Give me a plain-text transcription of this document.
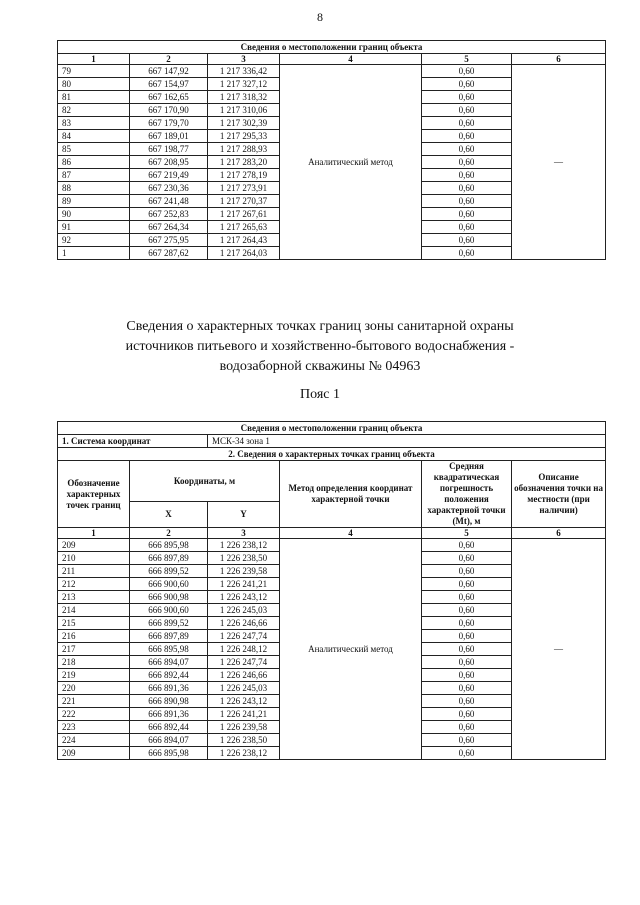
8
Сведения о местоположении границ объекта					
1	2	3	4	5	6
79	667 147,92	1 217 336,42	Аналитический метод	0,60	—
80	667 154,97	1 217 327,12		0,60	
81	667 162,65	1 217 318,32		0,60	
82	667 170,90	1 217 310,06		0,60	
83	667 179,70	1 217 302,39		0,60	
84	667 189,01	1 217 295,33		0,60	
85	667 198,77	1 217 288,93		0,60	
86	667 208,95	1 217 283,20		0,60	
87	667 219,49	1 217 278,19		0,60	
88	667 230,36	1 217 273,91		0,60	
89	667 241,48	1 217 270,37		0,60	
90	667 252,83	1 217 267,61		0,60	
91	667 264,34	1 217 265,63		0,60	
92	667 275,95	1 217 264,43		0,60	
1	667 287,62	1 217 264,03		0,60	
Сведения о характерных точках границ зоны санитарной охраны
источников питьевого и хозяйственно-бытового водоснабжения -
водозаборной скважины № 04963
Пояс 1
Сведения о местоположении границ объекта					
1. Система координат		МСК-34 зона 1			
2. Сведения о характерных точках границ объекта					
Обозначение характерных точек границ	Координаты, м		Метод определения координат характерной точки	Средняя квадратическая погрешность положения характерной точки (Mt), м	Описание обозначения точки на местности (при наличии)
	X	Y			
1	2	3	4	5	6
209	666 895,98	1 226 238,12	Аналитический метод	0,60	—
210	666 897,89	1 226 238,50		0,60	
211	666 899,52	1 226 239,58		0,60	
212	666 900,60	1 226 241,21		0,60	
213	666 900,98	1 226 243,12		0,60	
214	666 900,60	1 226 245,03		0,60	
215	666 899,52	1 226 246,66		0,60	
216	666 897,89	1 226 247,74		0,60	
217	666 895,98	1 226 248,12		0,60	
218	666 894,07	1 226 247,74		0,60	
219	666 892,44	1 226 246,66		0,60	
220	666 891,36	1 226 245,03		0,60	
221	666 890,98	1 226 243,12		0,60	
222	666 891,36	1 226 241,21		0,60	
223	666 892,44	1 226 239,58		0,60	
224	666 894,07	1 226 238,50		0,60	
209	666 895,98	1 226 238,12		0,60	
